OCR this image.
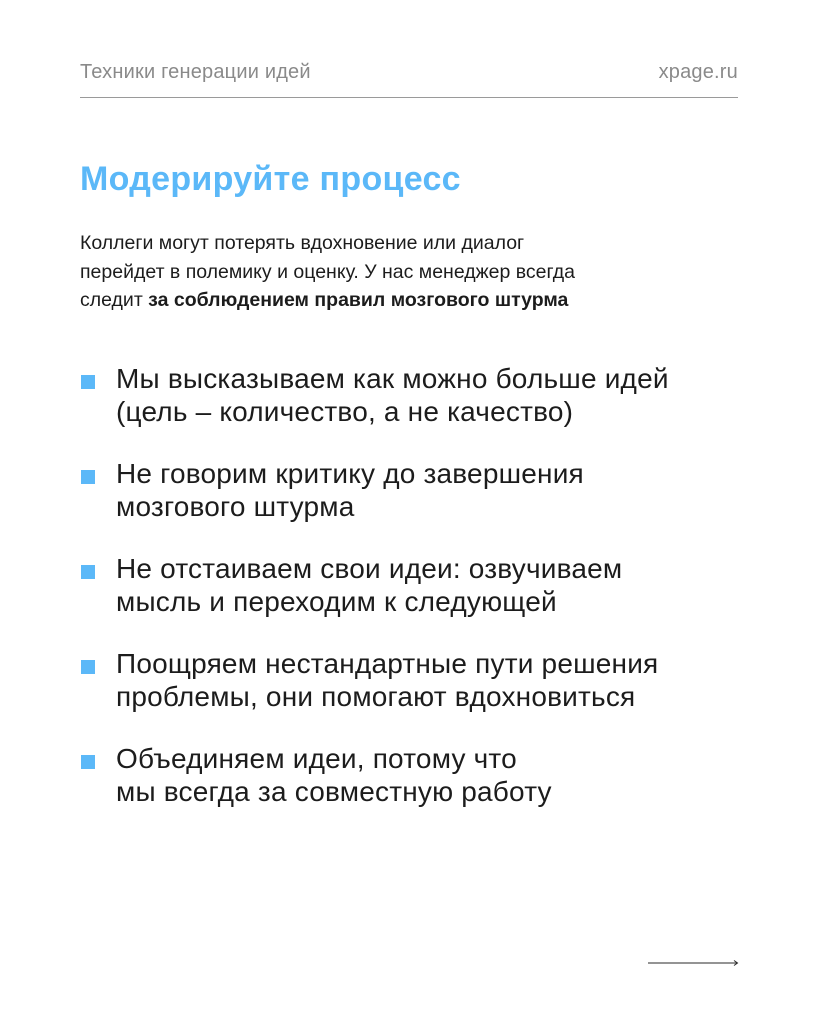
Техники генерации идей	xpage.ru
Модерируйте процесс

Коллеги могут потерять вдохновение или диалог
перейдет в полемику и оценку. У нас менеджер всегда
следит за соблюдением правил мозгового штурма

Мы высказываем как можно больше идей
(цель – количество, а не качество)
Не говорим критику до завершения
мозгового штурма
Не отстаиваем свои идеи: озвучиваем
мысль и переходим к следующей
Поощряем нестандартные пути решения
проблемы, они помогают вдохновиться
Объединяем идеи, потому что
мы всегда за совместную работу
